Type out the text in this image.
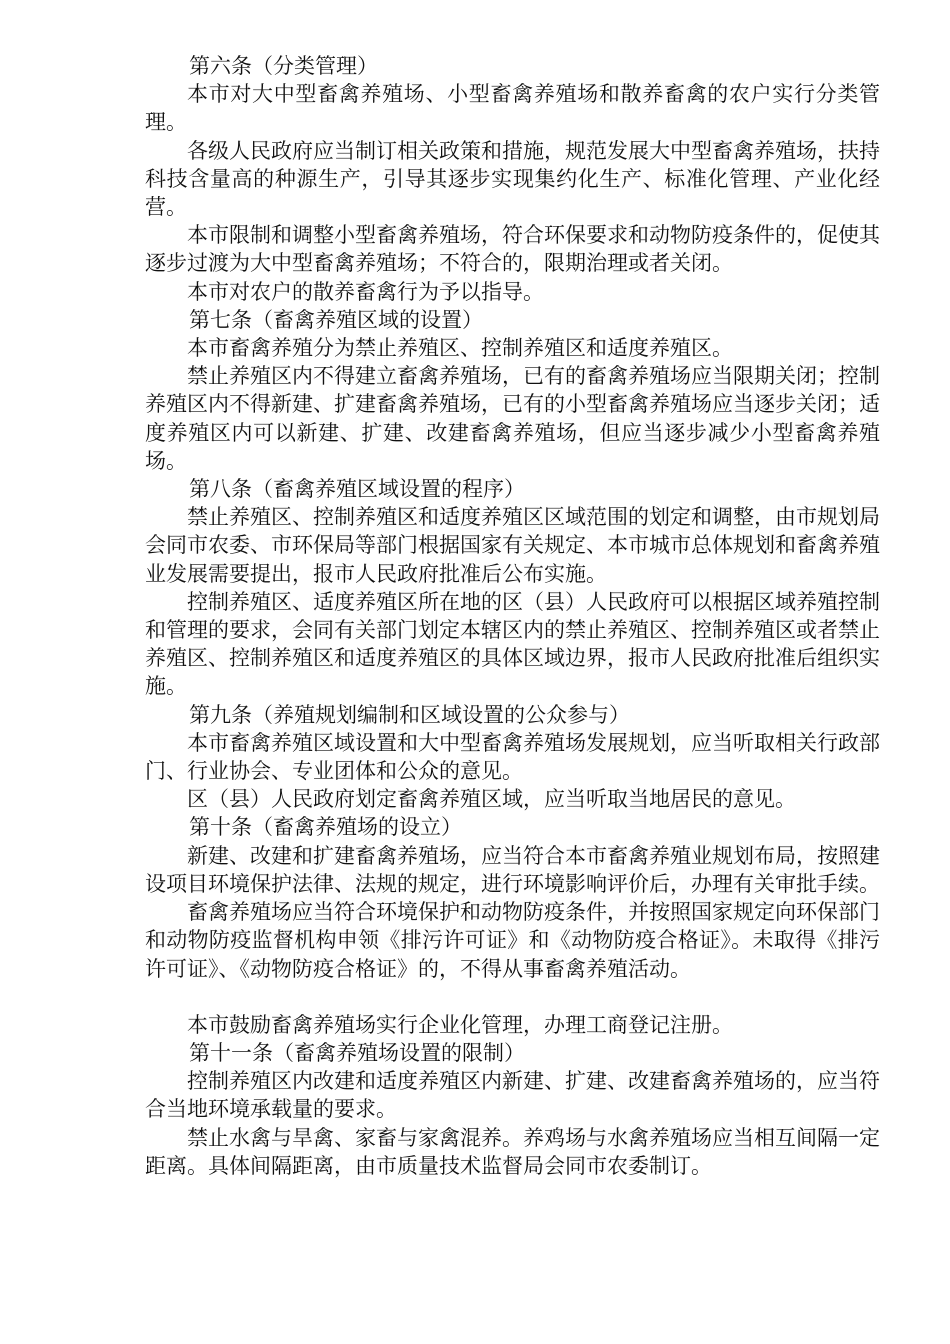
第六条（分类管理）

本市对大中型畜禽养殖场、小型畜禽养殖场和散养畜禽的农户实行分类管理。

各级人民政府应当制订相关政策和措施，规范发展大中型畜禽养殖场，扶持科技含量高的种源生产，引导其逐步实现集约化生产、标准化管理、产业化经营。

本市限制和调整小型畜禽养殖场，符合环保要求和动物防疫条件的，促使其逐步过渡为大中型畜禽养殖场；不符合的，限期治理或者关闭。

本市对农户的散养畜禽行为予以指导。

第七条（畜禽养殖区域的设置）

本市畜禽养殖分为禁止养殖区、控制养殖区和适度养殖区。

禁止养殖区内不得建立畜禽养殖场，已有的畜禽养殖场应当限期关闭；控制养殖区内不得新建、扩建畜禽养殖场，已有的小型畜禽养殖场应当逐步关闭；适度养殖区内可以新建、扩建、改建畜禽养殖场，但应当逐步减少小型畜禽养殖场。

第八条（畜禽养殖区域设置的程序）

禁止养殖区、控制养殖区和适度养殖区区域范围的划定和调整，由市规划局会同市农委、市环保局等部门根据国家有关规定、本市城市总体规划和畜禽养殖业发展需要提出，报市人民政府批准后公布实施。

控制养殖区、适度养殖区所在地的区（县）人民政府可以根据区域养殖控制和管理的要求，会同有关部门划定本辖区内的禁止养殖区、控制养殖区或者禁止养殖区、控制养殖区和适度养殖区的具体区域边界，报市人民政府批准后组织实施。

第九条（养殖规划编制和区域设置的公众参与）

本市畜禽养殖区域设置和大中型畜禽养殖场发展规划，应当听取相关行政部门、行业协会、专业团体和公众的意见。

区（县）人民政府划定畜禽养殖区域，应当听取当地居民的意见。

第十条（畜禽养殖场的设立）

新建、改建和扩建畜禽养殖场，应当符合本市畜禽养殖业规划布局，按照建设项目环境保护法律、法规的规定，进行环境影响评价后，办理有关审批手续。

畜禽养殖场应当符合环境保护和动物防疫条件，并按照国家规定向环保部门和动物防疫监督机构申领《排污许可证》和《动物防疫合格证》。未取得《排污许可证》、《动物防疫合格证》的，不得从事畜禽养殖活动。

本市鼓励畜禽养殖场实行企业化管理，办理工商登记注册。

第十一条（畜禽养殖场设置的限制）

控制养殖区内改建和适度养殖区内新建、扩建、改建畜禽养殖场的，应当符合当地环境承载量的要求。

禁止水禽与旱禽、家畜与家禽混养。养鸡场与水禽养殖场应当相互间隔一定距离。具体间隔距离，由市质量技术监督局会同市农委制订。
